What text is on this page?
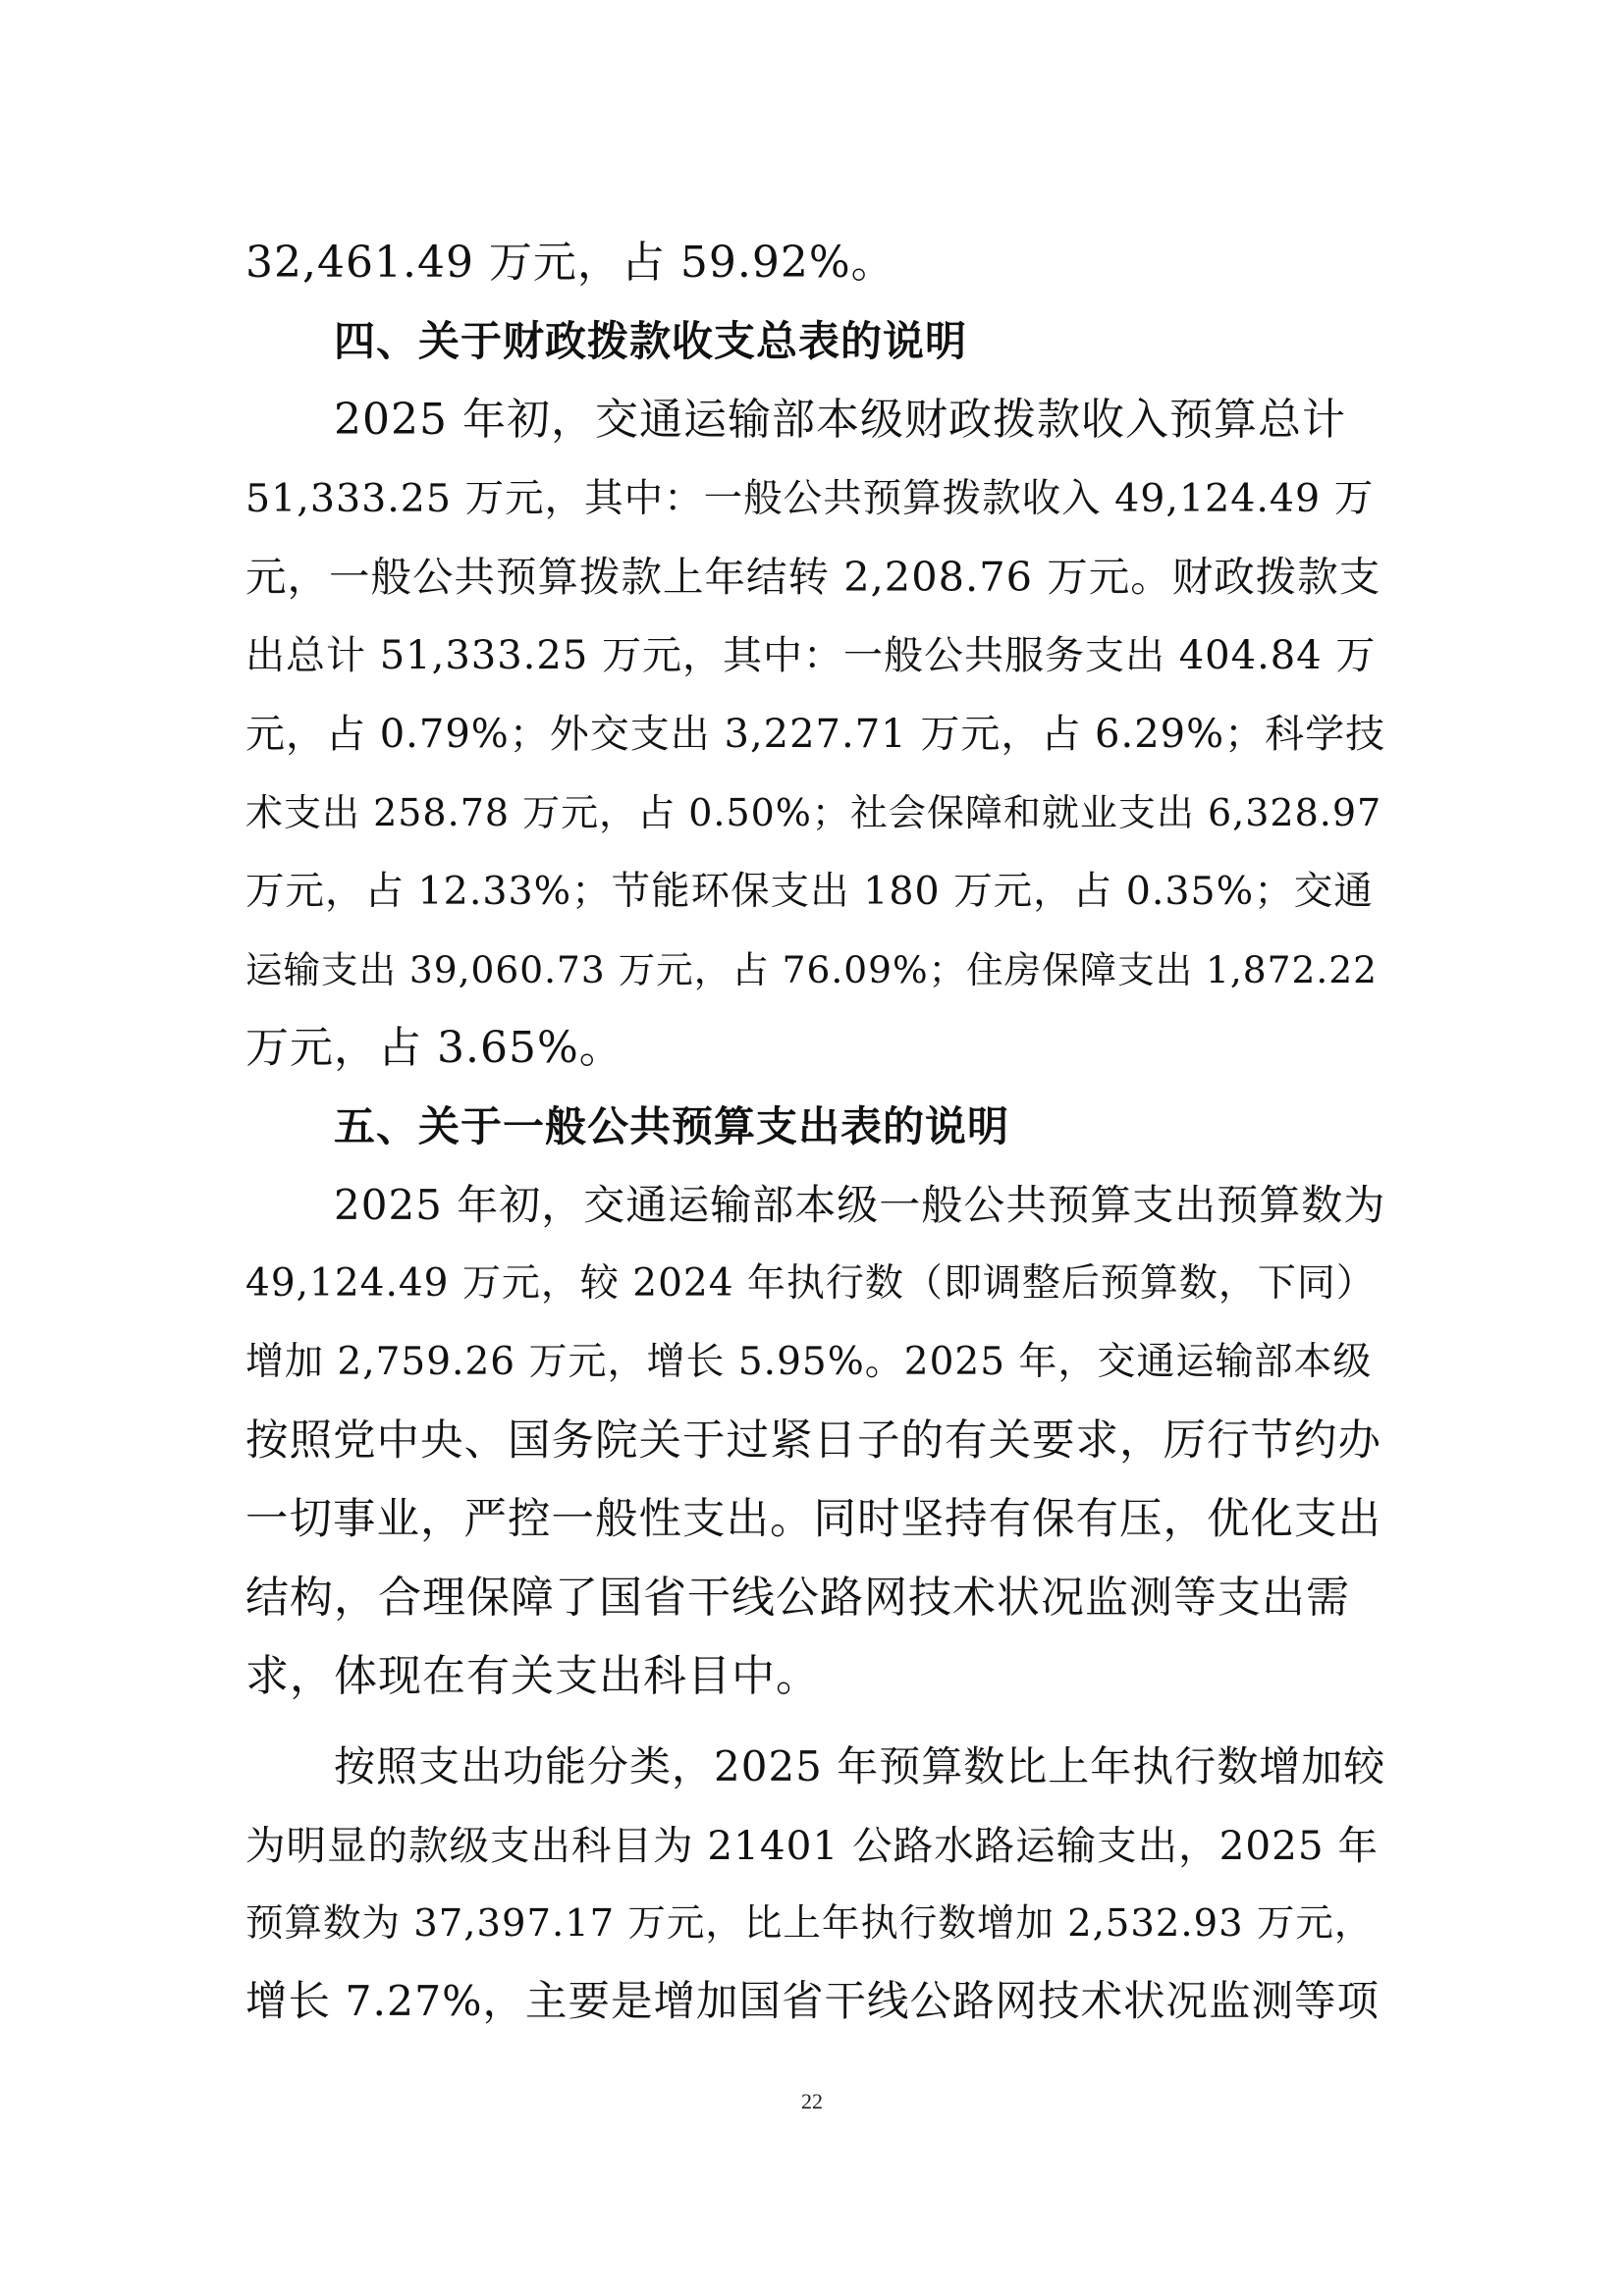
32,461.49 万元，占 59.92%。
四、关于财政拨款收支总表的说明
2025 年初，交通运输部本级财政拨款收入预算总计
51,333.25 万元，其中：一般公共预算拨款收入 49,124.49 万
元，一般公共预算拨款上年结转 2,208.76 万元。财政拨款支
出总计 51,333.25 万元，其中：一般公共服务支出 404.84 万
元，占 0.79%；外交支出 3,227.71 万元，占 6.29%；科学技
术支出 258.78 万元，占 0.50%；社会保障和就业支出 6,328.97
万元，占 12.33%；节能环保支出 180 万元，占 0.35%；交通
运输支出 39,060.73 万元，占 76.09%；住房保障支出 1,872.22
万元，占 3.65%。
五、关于一般公共预算支出表的说明
2025 年初，交通运输部本级一般公共预算支出预算数为
49,124.49 万元，较 2024 年执行数（即调整后预算数，下同）
增加 2,759.26 万元，增长 5.95%。2025 年，交通运输部本级
按照党中央、国务院关于过紧日子的有关要求，厉行节约办
一切事业，严控一般性支出。同时坚持有保有压，优化支出
结构，合理保障了国省干线公路网技术状况监测等支出需
求，体现在有关支出科目中。
按照支出功能分类，2025 年预算数比上年执行数增加较
为明显的款级支出科目为 21401 公路水路运输支出，2025 年
预算数为 37,397.17 万元，比上年执行数增加 2,532.93 万元，
增长 7.27%，主要是增加国省干线公路网技术状况监测等项
22
